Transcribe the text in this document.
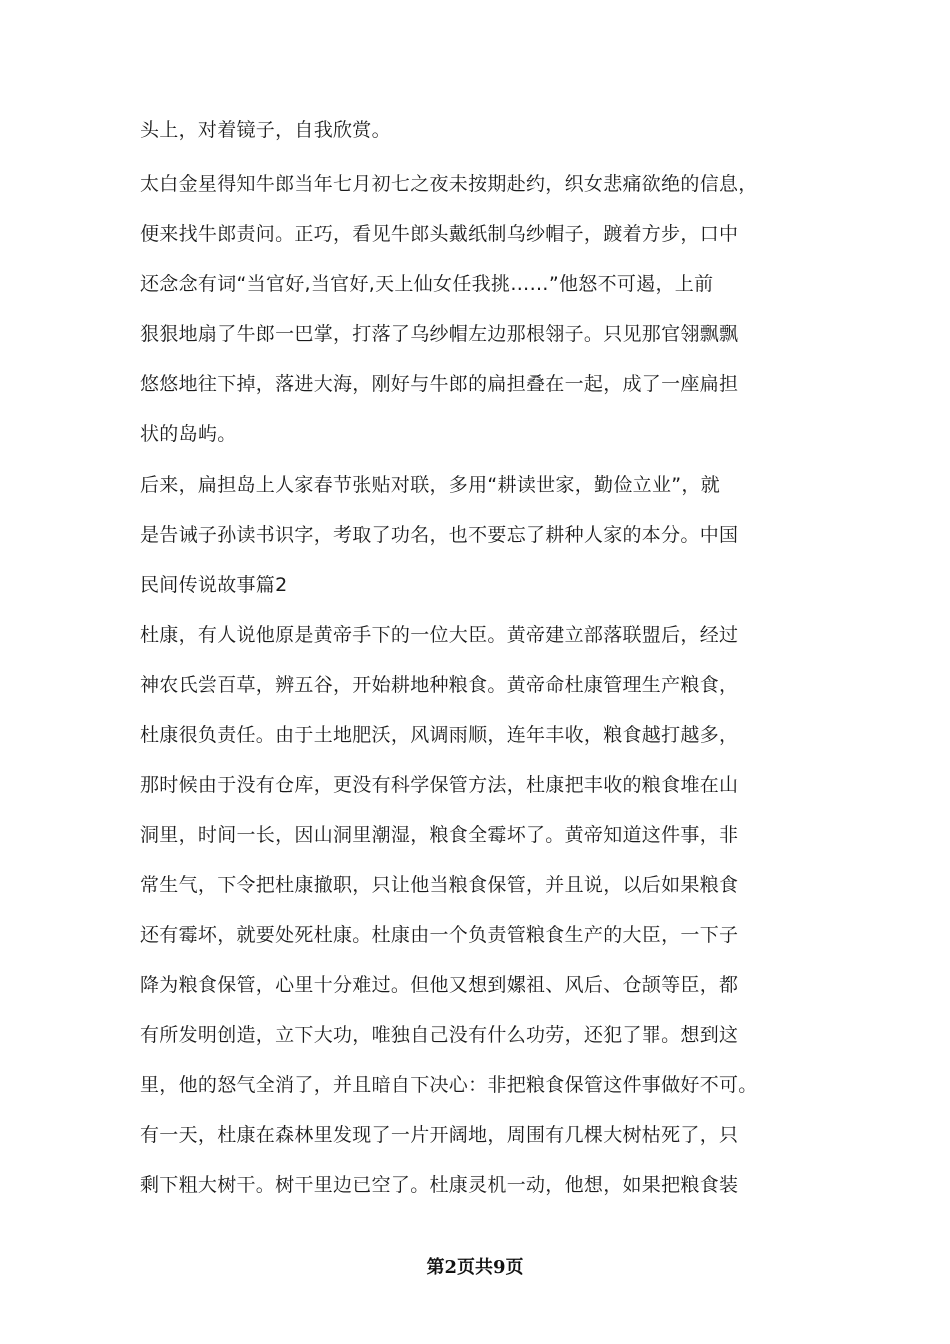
头上，对着镜子，自我欣赏。
太白金星得知牛郎当年七月初七之夜未按期赴约，织女悲痛欲绝的信息，
便来找牛郎责问。正巧，看见牛郎头戴纸制乌纱帽子，踱着方步，口中
还念念有词“当官好,当官好,天上仙女任我挑……”他怒不可遏，上前
狠狠地扇了牛郎一巴掌，打落了乌纱帽左边那根翎子。只见那官翎飘飘
悠悠地往下掉，落进大海，刚好与牛郎的扁担叠在一起，成了一座扁担
状的岛屿。
后来，扁担岛上人家春节张贴对联，多用“耕读世家，勤俭立业”，就
是告诫子孙读书识字，考取了功名，也不要忘了耕种人家的本分。中国
民间传说故事篇2
杜康，有人说他原是黄帝手下的一位大臣。黄帝建立部落联盟后，经过
神农氏尝百草，辨五谷，开始耕地种粮食。黄帝命杜康管理生产粮食，
杜康很负责任。由于土地肥沃，风调雨顺，连年丰收，粮食越打越多，
那时候由于没有仓库，更没有科学保管方法，杜康把丰收的粮食堆在山
洞里，时间一长，因山洞里潮湿，粮食全霉坏了。黄帝知道这件事，非
常生气，下令把杜康撤职，只让他当粮食保管，并且说，以后如果粮食
还有霉坏，就要处死杜康。杜康由一个负责管粮食生产的大臣，一下子
降为粮食保管，心里十分难过。但他又想到嫘祖、风后、仓颉等臣，都
有所发明创造，立下大功，唯独自己没有什么功劳，还犯了罪。想到这
里，他的怒气全消了，并且暗自下决心：非把粮食保管这件事做好不可。
有一天，杜康在森林里发现了一片开阔地，周围有几棵大树枯死了，只
剩下粗大树干。树干里边已空了。杜康灵机一动，他想，如果把粮食装
第2页共9页
